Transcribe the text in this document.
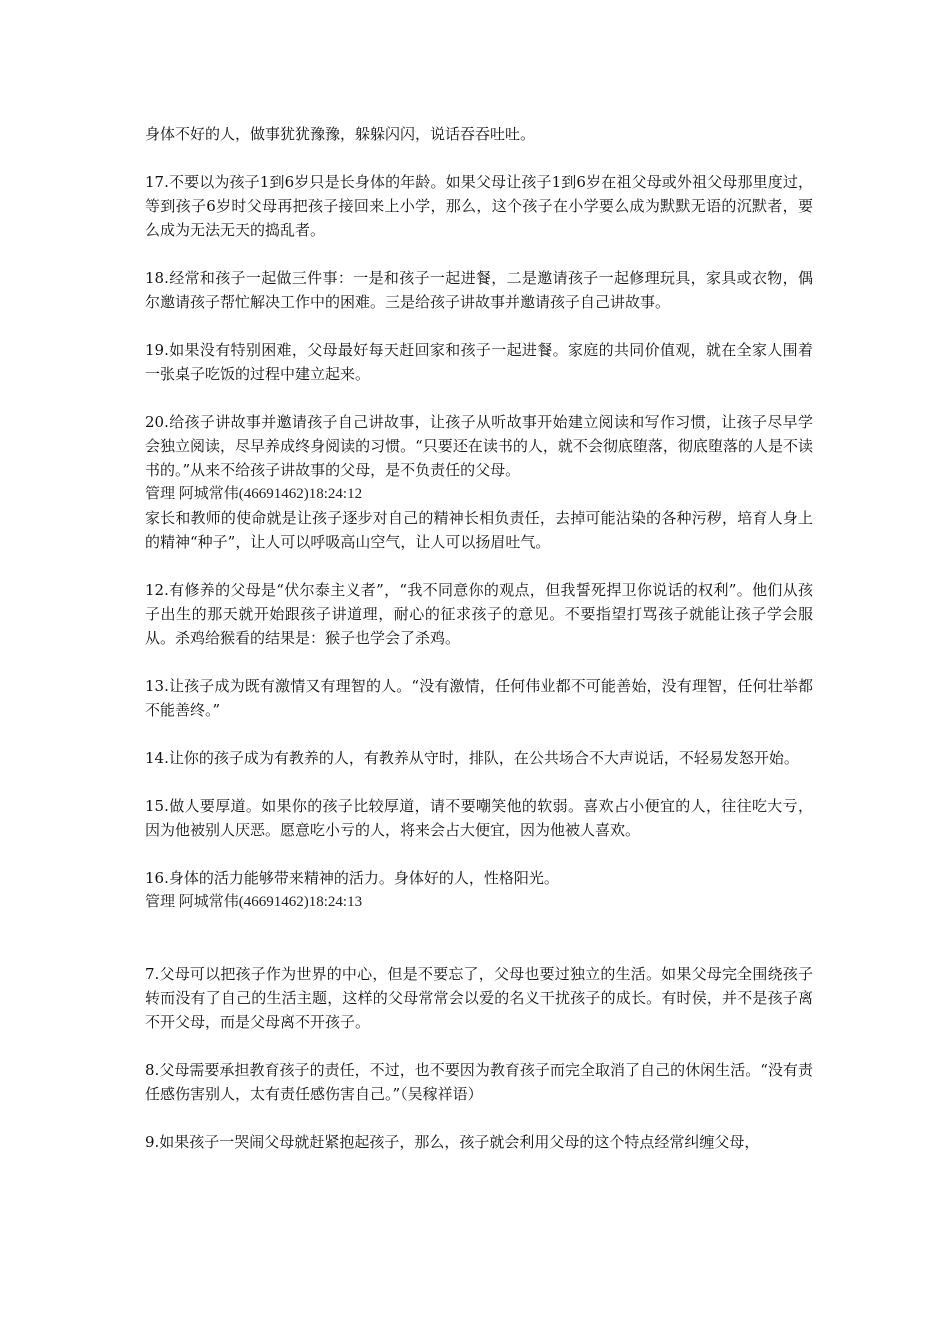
身体不好的人，做事犹犹豫豫，躲躲闪闪，说话吞吞吐吐。

17.不要以为孩子1到6岁只是长身体的年龄。如果父母让孩子1到6岁在祖父母或外祖父母那里度过，等到孩子6岁时父母再把孩子接回来上小学，那么，这个孩子在小学要么成为默默无语的沉默者，要么成为无法无天的捣乱者。

18.经常和孩子一起做三件事：一是和孩子一起进餐，二是邀请孩子一起修理玩具，家具或衣物，偶尔邀请孩子帮忙解决工作中的困难。三是给孩子讲故事并邀请孩子自己讲故事。

19.如果没有特别困难，父母最好每天赶回家和孩子一起进餐。家庭的共同价值观，就在全家人围着一张桌子吃饭的过程中建立起来。

20.给孩子讲故事并邀请孩子自己讲故事，让孩子从听故事开始建立阅读和写作习惯，让孩子尽早学会独立阅读，尽早养成终身阅读的习惯。“只要还在读书的人，就不会彻底堕落，彻底堕落的人是不读书的。”从来不给孩子讲故事的父母，是不负责任的父母。

管理 阿城常伟(46691462)18:24:12

家长和教师的使命就是让孩子逐步对自己的精神长相负责任，去掉可能沾染的各种污秽，培育人身上的精神“种子”，让人可以呼吸高山空气，让人可以扬眉吐气。

12.有修养的父母是“伏尔泰主义者”，“我不同意你的观点，但我誓死捍卫你说话的权利”。他们从孩子出生的那天就开始跟孩子讲道理，耐心的征求孩子的意见。不要指望打骂孩子就能让孩子学会服从。杀鸡给猴看的结果是：猴子也学会了杀鸡。

13.让孩子成为既有激情又有理智的人。“没有激情，任何伟业都不可能善始，没有理智，任何壮举都不能善终。”

14.让你的孩子成为有教养的人，有教养从守时，排队，在公共场合不大声说话，不轻易发怒开始。

15.做人要厚道。如果你的孩子比较厚道，请不要嘲笑他的软弱。喜欢占小便宜的人，往往吃大亏，因为他被别人厌恶。愿意吃小亏的人，将来会占大便宜，因为他被人喜欢。

16.身体的活力能够带来精神的活力。身体好的人，性格阳光。

管理 阿城常伟(46691462)18:24:13

7.父母可以把孩子作为世界的中心，但是不要忘了，父母也要过独立的生活。如果父母完全围绕孩子转而没有了自己的生活主题，这样的父母常常会以爱的名义干扰孩子的成长。有时侯，并不是孩子离不开父母，而是父母离不开孩子。

8.父母需要承担教育孩子的责任，不过，也不要因为教育孩子而完全取消了自己的休闲生活。“没有责任感伤害别人，太有责任感伤害自己。”（吴稼祥语）

9.如果孩子一哭闹父母就赶紧抱起孩子，那么，孩子就会利用父母的这个特点经常纠缠父母，
